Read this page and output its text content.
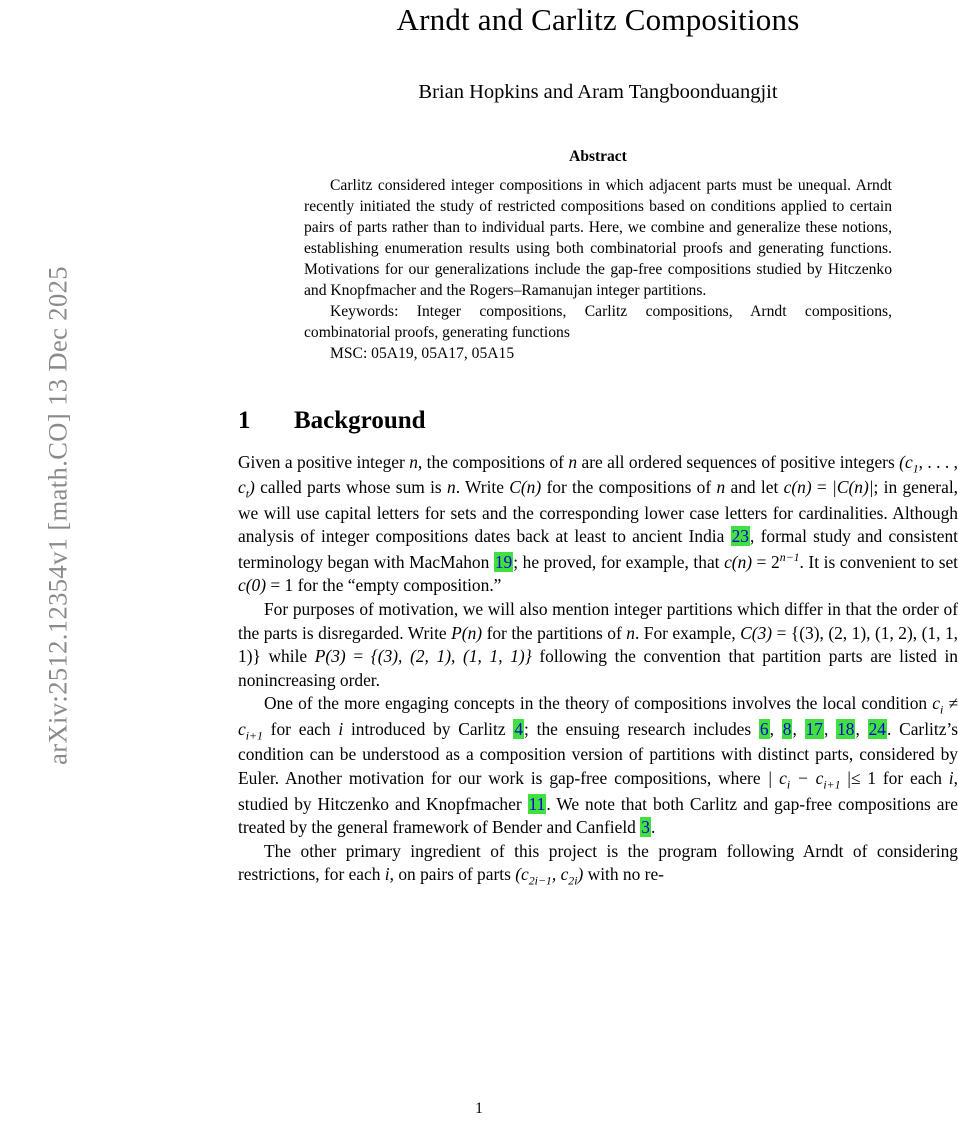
arXiv:2512.12354v1 [math.CO] 13 Dec 2025
Arndt and Carlitz Compositions
Brian Hopkins and Aram Tangboonduangjit
Abstract

Carlitz considered integer compositions in which adjacent parts must be unequal. Arndt recently initiated the study of restricted compositions based on conditions applied to certain pairs of parts rather than to individual parts. Here, we combine and generalize these notions, establishing enumeration results using both combinatorial proofs and generating functions. Motivations for our generalizations include the gap-free compositions studied by Hitczenko and Knopfmacher and the Rogers–Ramanujan integer partitions.

Keywords: Integer compositions, Carlitz compositions, Arndt compositions, combinatorial proofs, generating functions

MSC: 05A19, 05A17, 05A15

1 Background

Given a positive integer n, the compositions of n are all ordered sequences of positive integers ($c_1$, . . . , $c_t$) called parts whose sum is n. Write C(n) for the compositions of n and let c(n) = |C(n)|; in general, we will use capital letters for sets and the corresponding lower case letters for cardinalities. Although analysis of integer compositions dates back at least to ancient India 23, formal study and consistent terminology began with MacMahon 19; he proved, for example, that $c(n) = 2^{n-1}$. It is convenient to set c(0) = 1 for the “empty composition.”

For purposes of motivation, we will also mention integer partitions which differ in that the order of the parts is disregarded. Write P(n) for the partitions of n. For example, C(3) = {(3), (2, 1), (1, 2), (1, 1, 1)} while P(3) = {(3), (2, 1), (1, 1, 1)} following the convention that partition parts are listed in nonincreasing order.

One of the more engaging concepts in the theory of compositions involves the local condition $c_i \ne c_{i+1}$ for each i introduced by Carlitz 4; the ensuing research includes 6, 8, 17, 18, 24. Carlitz’s condition can be understood as a composition version of partitions with distinct parts, considered by Euler. Another motivation for our work is gap-free compositions, where | $c_i - c_{i+1}$ |≤ 1 for each i, studied by Hitczenko and Knopfmacher 11. We note that both Carlitz and gap-free compositions are treated by the general framework of Bender and Canfield 3.

The other primary ingredient of this project is the program following Arndt of considering restrictions, for each i, on pairs of parts ($c_{2i-1}$, $c_{2i}$) with no re-

1
